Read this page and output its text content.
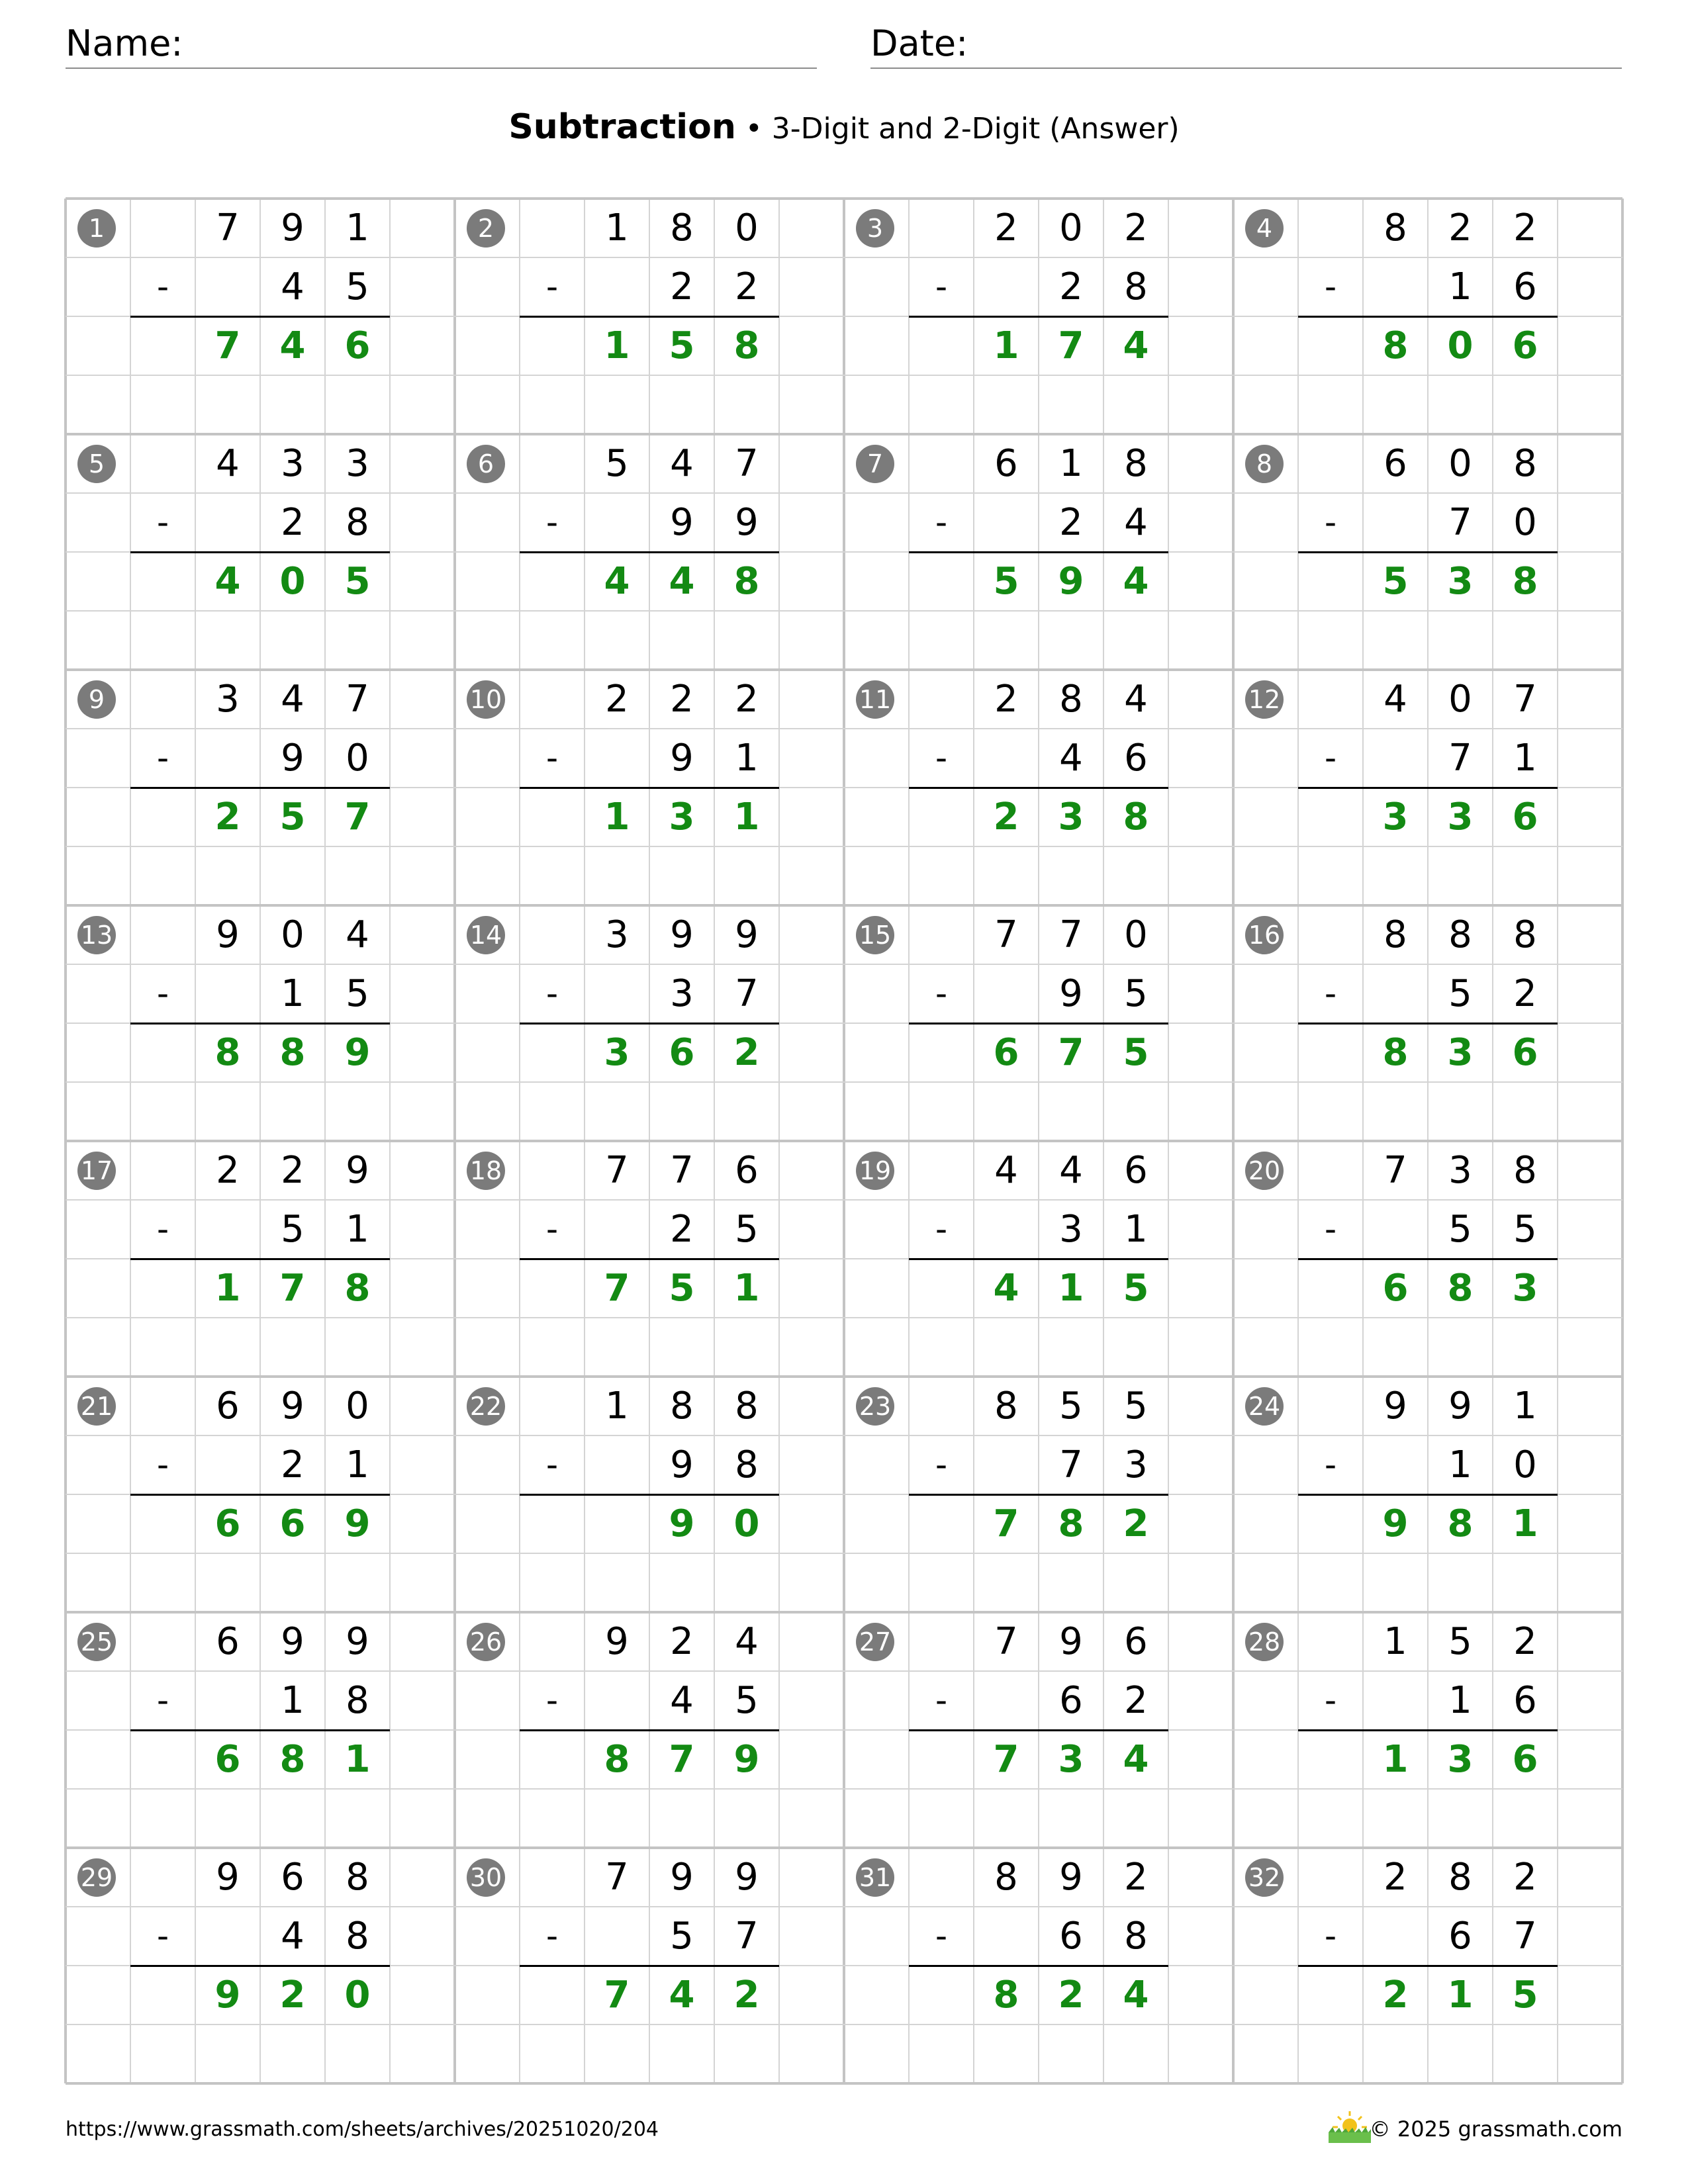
Name:	Date:
Subtraction • 3-Digit and 2-Digit (Answer)
1	7	9	1
-	4	5
7	4	6
2	1	8	0
-	2	2
1	5	8
3	2	0	2
-	2	8
1	7	4
4	8	2	2
-	1	6
8	0	6
5	4	3	3
-	2	8
4	0	5
6	5	4	7
-	9	9
4	4	8
7	6	1	8
-	2	4
5	9	4
8	6	0	8
-	7	0
5	3	8
9	3	4	7
-	9	0
2	5	7
10	2	2	2
-	9	1
1	3	1
11	2	8	4
-	4	6
2	3	8
12	4	0	7
-	7	1
3	3	6
13	9	0	4
-	1	5
8	8	9
14	3	9	9
-	3	7
3	6	2
15	7	7	0
-	9	5
6	7	5
16	8	8	8
-	5	2
8	3	6
17	2	2	9
-	5	1
1	7	8
18	7	7	6
-	2	5
7	5	1
19	4	4	6
-	3	1
4	1	5
20	7	3	8
-	5	5
6	8	3
21	6	9	0
-	2	1
6	6	9
22	1	8	8
-	9	8
9	0
23	8	5	5
-	7	3
7	8	2
24	9	9	1
-	1	0
9	8	1
25	6	9	9
-	1	8
6	8	1
26	9	2	4
-	4	5
8	7	9
27	7	9	6
-	6	2
7	3	4
28	1	5	2
-	1	6
1	3	6
29	9	6	8
-	4	8
9	2	0
30	7	9	9
-	5	7
7	4	2
31	8	9	2
-	6	8
8	2	4
32	2	8	2
-	6	7
2	1	5
https://www.grassmath.com/sheets/archives/20251020/204	© 2025 grassmath.com
